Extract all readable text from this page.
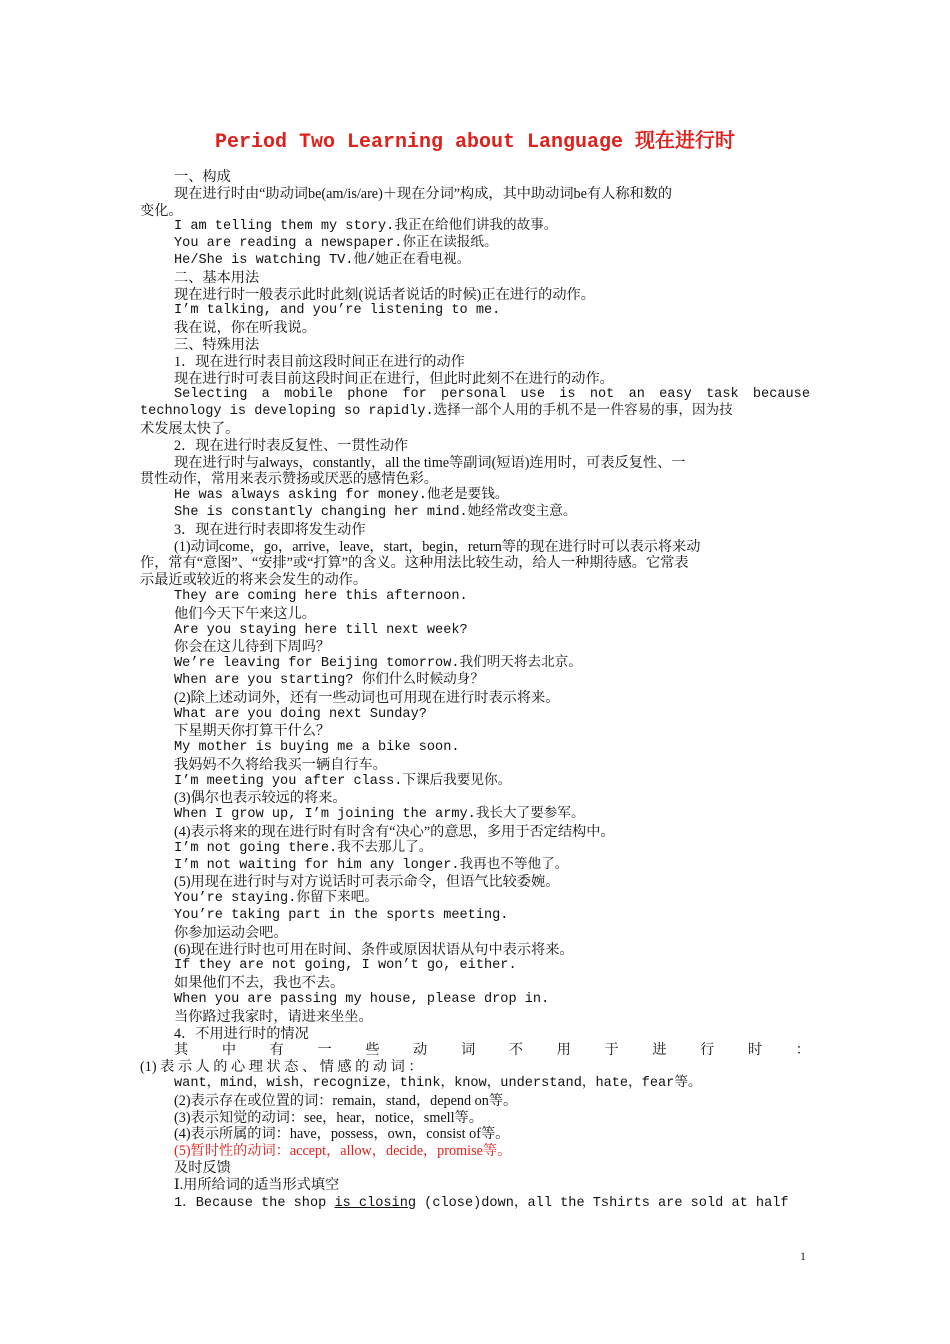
Period Two Learning about Language 现在进行时
一、构成
现在进行时由“助动词be(am/is/are)＋现在分词”构成，其中助动词be有人称和数的
变化。
I am telling them my story.我正在给他们讲我的故事。
You are reading a newspaper.你正在读报纸。
He/She is watching TV.他/她正在看电视。
二、基本用法
现在进行时一般表示此时此刻(说话者说话的时候)正在进行的动作。
I’m talking, and you’re listening to me.
我在说，你在听我说。
三、特殊用法
1．现在进行时表目前这段时间正在进行的动作
现在进行时可表目前这段时间正在进行，但此时此刻不在进行的动作。
Selecting a mobile phone for personal use is not an easy task because
technology is developing so rapidly.选择一部个人用的手机不是一件容易的事，因为技
术发展太快了。
2．现在进行时表反复性、一贯性动作
现在进行时与always，constantly，all the time等副词(短语)连用时，可表反复性、一
贯性动作，常用来表示赞扬或厌恶的感情色彩。
He was always asking for money.他老是要钱。
She is constantly changing her mind.她经常改变主意。
3．现在进行时表即将发生动作
(1)动词come，go，arrive，leave，start，begin，return等的现在进行时可以表示将来动
作，常有“意图”、“安排”或“打算”的含义。这种用法比较生动，给人一种期待感。它常表
示最近或较近的将来会发生的动作。
They are coming here this afternoon.
他们今天下午来这儿。
Are you staying here till next week?
你会在这儿待到下周吗？
We’re leaving for Beijing tomorrow.我们明天将去北京。
When are you starting? 你们什么时候动身？
(2)除上述动词外，还有一些动词也可用现在进行时表示将来。
What are you doing next Sunday?
下星期天你打算干什么？
My mother is buying me a bike soon.
我妈妈不久将给我买一辆自行车。
I’m meeting you after class.下课后我要见你。
(3)偶尔也表示较远的将来。
When I grow up, I’m joining the army.我长大了要参军。
(4)表示将来的现在进行时有时含有“决心”的意思，多用于否定结构中。
I’m not going there.我不去那儿了。
I’m not waiting for him any longer.我再也不等他了。
(5)用现在进行时与对方说话时可表示命令，但语气比较委婉。
You’re staying.你留下来吧。
You’re taking part in the sports meeting.
你参加运动会吧。
(6)现在进行时也可用在时间、条件或原因状语从句中表示将来。
If they are not going, I won’t go, either.
如果他们不去，我也不去。
When you are passing my house, please drop in.
当你路过我家时，请进来坐坐。
4．不用进行时的情况
其中有一些动词不用于进行时：
(1) 表 示 人 的 心 理 状 态 、 情 感 的 动 词 ：
want，mind，wish，recognize，think，know，understand，hate，fear等。
(2)表示存在或位置的词：remain，stand，depend on等。
(3)表示知觉的动词：see，hear，notice，smell等。
(4)表示所属的词：have，possess，own，consist of等。
(5)暂时性的动词：accept，allow，decide，promise等。
及时反馈
Ⅰ.用所给词的适当形式填空
1．Because the shop is closing (close)down，all the Tshirts are sold at half
1
